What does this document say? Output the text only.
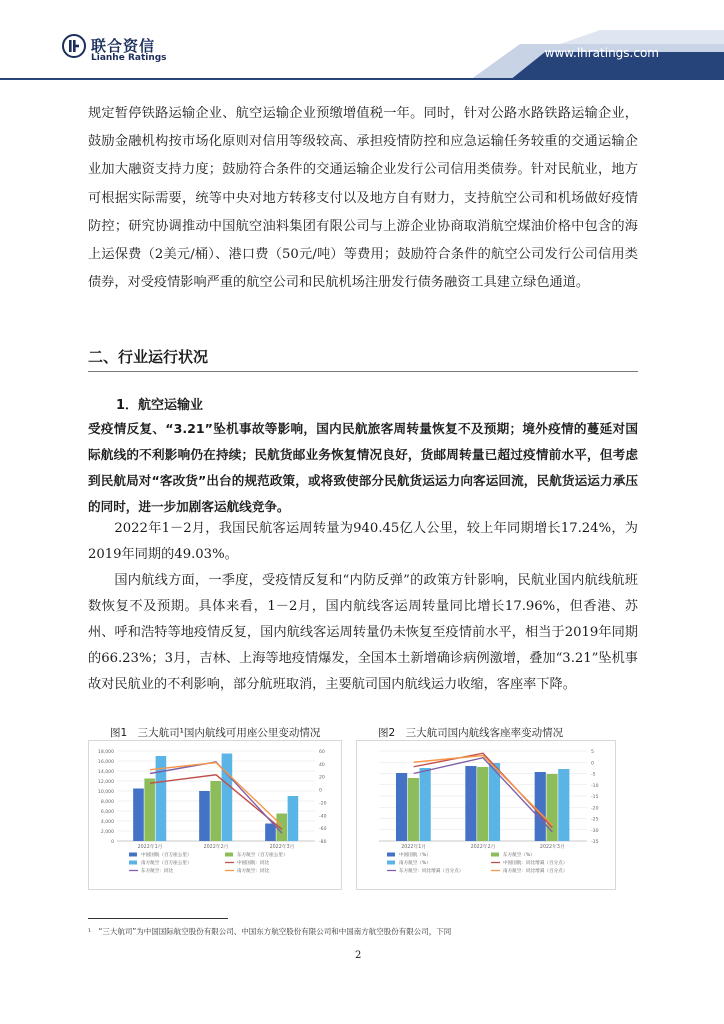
联合资信
Lianhe Ratings	www.lhratings.com

规定暂停铁路运输企业、航空运输企业预缴增值税一年。同时，针对公路水路铁路运输企业，鼓励金融机构按市场化原则对信用等级较高、承担疫情防控和应急运输任务较重的交通运输企业加大融资支持力度；鼓励符合条件的交通运输企业发行公司信用类债券。针对民航业，地方可根据实际需要，统等中央对地方转移支付以及地方自有财力，支持航空公司和机场做好疫情防控；研究协调推动中国航空油料集团有限公司与上游企业协商取消航空煤油价格中包含的海上运保费（2美元/桶）、港口费（50元/吨）等费用；鼓励符合条件的航空公司发行公司信用类债券，对受疫情影响严重的航空公司和民航机场注册发行债务融资工具建立绿色通道。

二、行业运行状况
1．航空运输业

受疫情反复、“3.21”坠机事故等影响，国内民航旅客周转量恢复不及预期；境外疫情的蔓延对国际航线的不利影响仍在持续；民航货邮业务恢复情况良好，货邮周转量已超过疫情前水平，但考虑到民航局对“客改货”出台的规范政策，或将致使部分民航货运运力向客运回流，民航货运运力承压的同时，进一步加剧客运航线竞争。

2022年1－2月，我国民航客运周转量为940.45亿人公里，较上年同期增长17.24%，为2019年同期的49.03%。

国内航线方面，一季度，受疫情反复和“内防反弹”的政策方针影响，民航业国内航线航班数恢复不及预期。具体来看，1－2月，国内航线客运周转量同比增长17.96%，但香港、苏州、呼和浩特等地疫情反复，国内航线客运周转量仍未恢复至疫情前水平，相当于2019年同期的66.23%；3月，吉林、上海等地疫情爆发，全国本土新增确诊病例激增，叠加“3.21”坠机事故对民航业的不利影响，部分航班取消，主要航司国内航线运力收缩，客座率下降。

图1　三大航司¹国内航线可用座公里变动情况	图2　三大航司国内航线客座率变动情况

18,000
16,000
14,000
12,000
10,000
8,000
6,000
4,000
2,000
0
60
40
20
0
-20
-40
-60
-80
2022年1月	2022年2月	2022年3月
中国国航（百万座公里）	东方航空（百万座公里）
南方航空（百万座公里）	中国国航：同比
东方航空：同比	南方航空：同比
5
0
-5
-10
-15
-20
-25
-30
-35
2022年1月	2022年2月	2022年3月
中国国航（%）	东方航空（%）
南方航空（%）	中国国航：同比增减（百分点）
东方航空：同比增减（百分点）	南方航空：同比增减（百分点）

¹　“三大航司”为中国国际航空股份有限公司、中国东方航空股份有限公司和中国南方航空股份有限公司，下同

2
